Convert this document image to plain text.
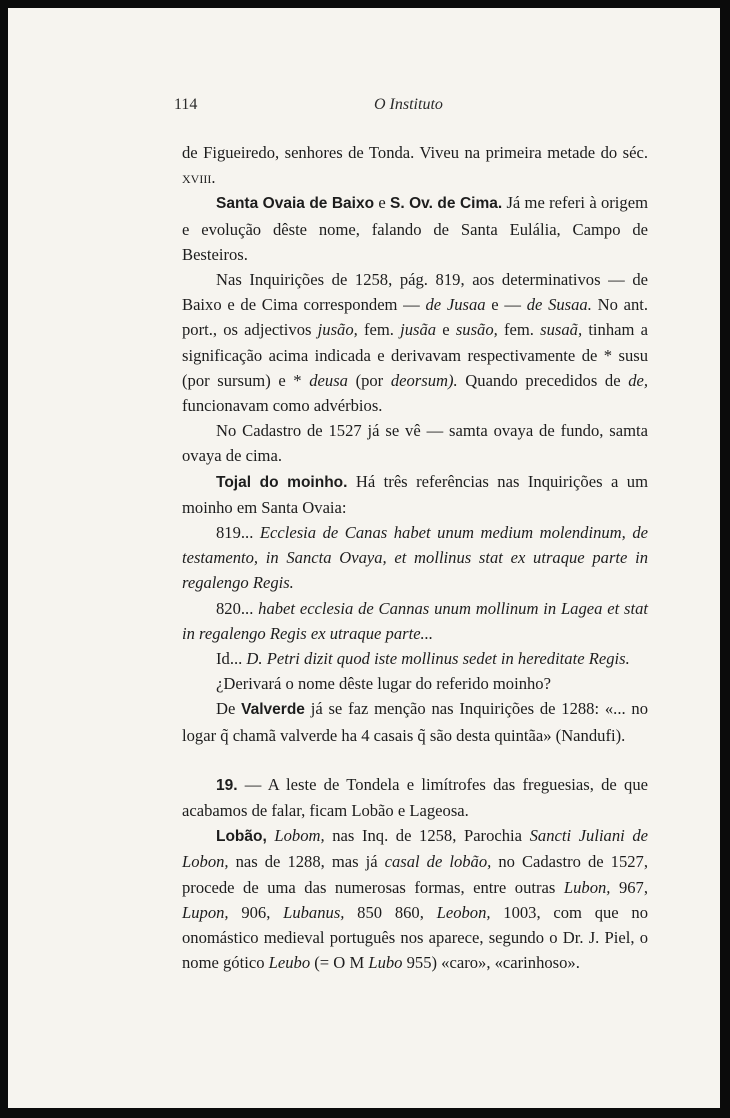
114	O Instituto

de Figueiredo, senhores de Tonda. Viveu na primeira metade do séc. xviii.

Santa Ovaia de Baixo e S. Ov. de Cima. Já me referi à origem e evolução dêste nome, falando de Santa Eulália, Campo de Besteiros.

Nas Inquirições de 1258, pág. 819, aos determinativos — de Baixo e de Cima correspondem — de Jusaa e — de Susaa. No ant. port., os adjectivos jusão, fem. jusãa e susão, fem. susaã, tinham a significação acima indicada e derivavam respectivamente de * susu (por sursum) e * deusa (por deorsum). Quando precedidos de de, funcionavam como advérbios.

No Cadastro de 1527 já se vê — samta ovaya de fundo, samta ovaya de cima.

Tojal do moinho. Há três referências nas Inquirições a um moinho em Santa Ovaia:

819... Ecclesia de Canas habet unum medium molendinum, de testamento, in Sancta Ovaya, et mollinus stat ex utraque parte in regalengo Regis.

820... habet ecclesia de Cannas unum mollinum in Lagea et stat in regalengo Regis ex utraque parte...

Id... D. Petri dizit quod iste mollinus sedet in hereditate Regis.

¿Derivará o nome dêste lugar do referido moinho?

De Valverde já se faz menção nas Inquirições de 1288: «... no logar q̃ chamã valverde ha 4 casais q̃ são desta quintãa» (Nandufi).

19. — A leste de Tondela e limítrofes das freguesias, de que acabamos de falar, ficam Lobão e Lageosa.

Lobão, Lobom, nas Inq. de 1258, Parochia Sancti Juliani de Lobon, nas de 1288, mas já casal de lobão, no Cadastro de 1527, procede de uma das numerosas formas, entre outras Lubon, 967, Lupon, 906, Lubanus, 850 860, Leobon, 1003, com que no onomástico medieval português nos aparece, segundo o Dr. J. Piel, o nome gótico Leubo (= O M Lubo 955) «caro», «carinhoso».
